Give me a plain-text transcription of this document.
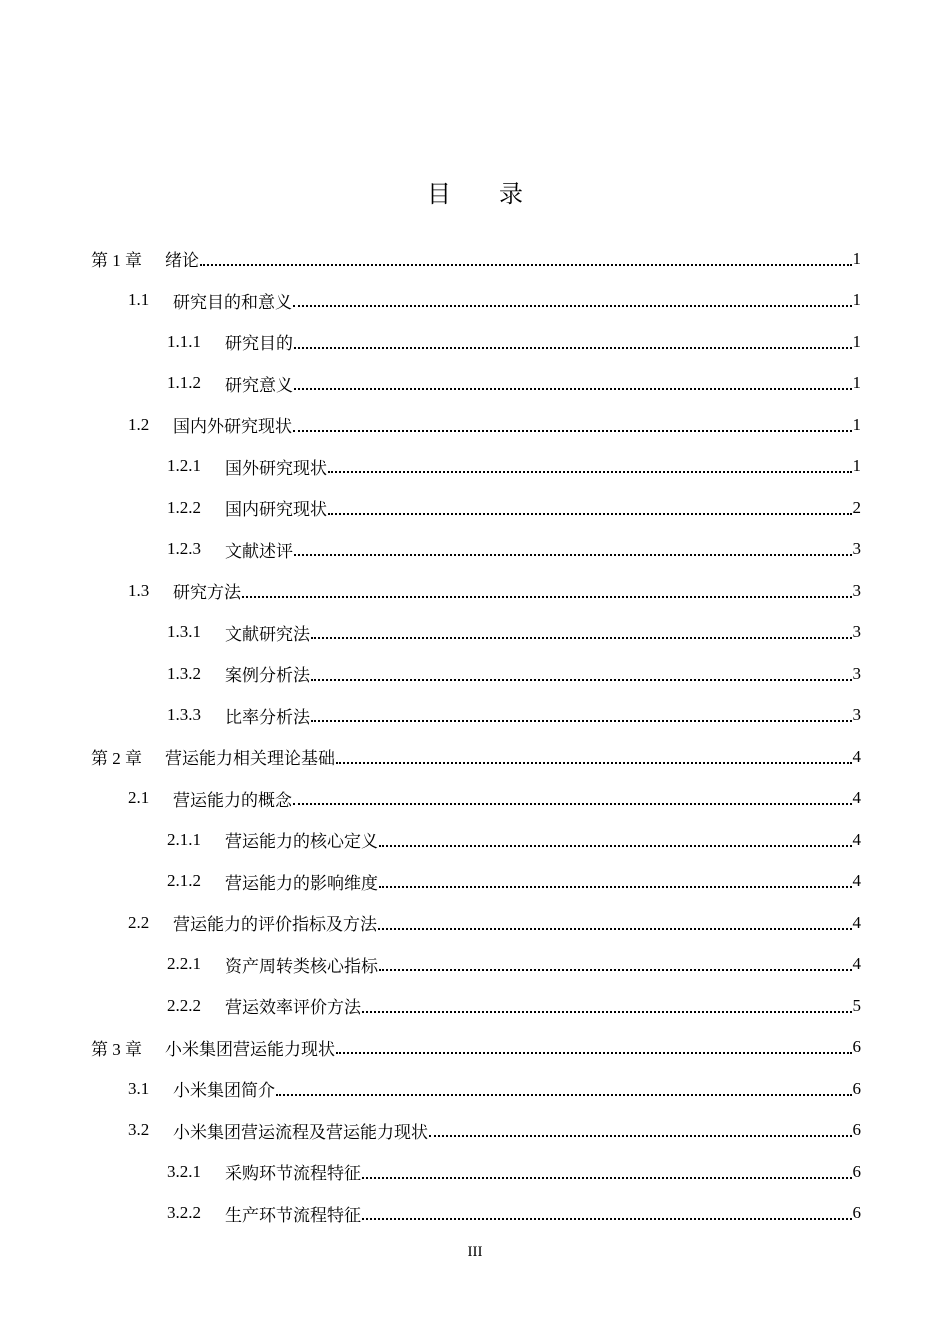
目录
第 1 章	绪论	1
1.1	研究目的和意义	1
1.1.1	研究目的	1
1.1.2	研究意义	1
1.2	国内外研究现状	1
1.2.1	国外研究现状	1
1.2.2	国内研究现状	2
1.2.3	文献述评	3
1.3	研究方法	3
1.3.1	文献研究法	3
1.3.2	案例分析法	3
1.3.3	比率分析法	3
第 2 章	营运能力相关理论基础	4
2.1	营运能力的概念	4
2.1.1	营运能力的核心定义	4
2.1.2	营运能力的影响维度	4
2.2	营运能力的评价指标及方法	4
2.2.1	资产周转类核心指标	4
2.2.2	营运效率评价方法	5
第 3 章	小米集团营运能力现状	6
3.1	小米集团简介	6
3.2	小米集团营运流程及营运能力现状	6
3.2.1	采购环节流程特征	6
3.2.2	生产环节流程特征	6
III
